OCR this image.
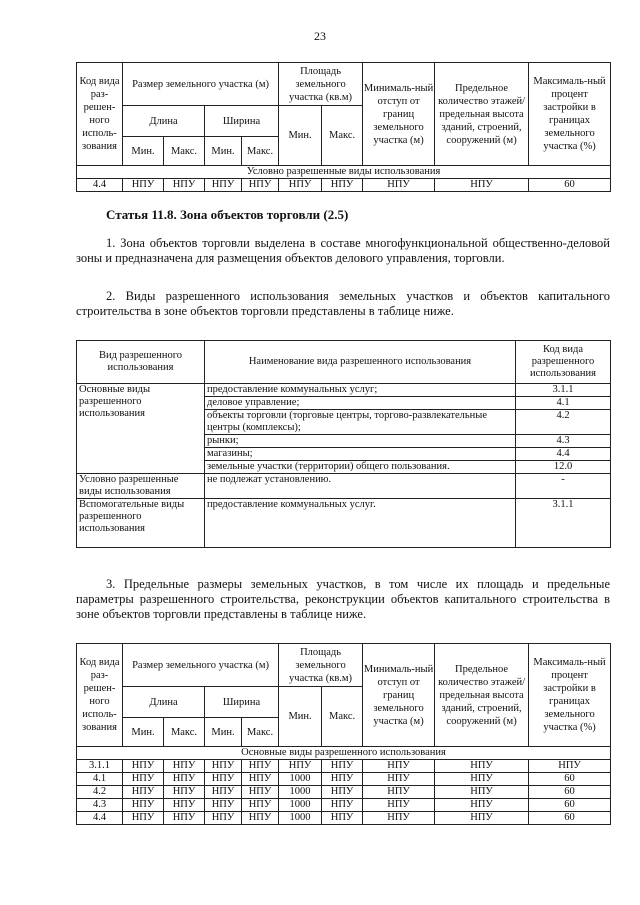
23
Код вида раз-решен-ного исполь-зования	Размер земельного участка (м)				Площадь земельного участка (кв.м)		Минималь-ный отступ от границ земельного участка (м)	Предельное количество этажей/ предельная высота зданий, строений, сооружений (м)	Максималь-ный процент застройки в границах земельного участка (%)
	Длина		Ширина		Мин.	Макс.			
	Мин.	Макс.	Мин.	Макс.					
Условно разрешенные виды использования									
4.4	НПУ	НПУ	НПУ	НПУ	НПУ	НПУ	НПУ	НПУ	60
Статья 11.8. Зона объектов торговли (2.5)
1. Зона объектов торговли выделена в составе многофункциональной общественно-деловой зоны и предназначена для размещения объектов делового управления, торговли.
2. Виды разрешенного использования земельных участков и объектов капитального строительства в зоне объектов торговли представлены в таблице ниже.
Вид разрешенного использования	Наименование вида разрешенного использования	Код вида разрешенного использования
Основные виды разрешенного использования	предоставление коммунальных услуг;	3.1.1
	деловое управление;	4.1
	объекты торговли (торговые центры, торгово-развлекательные центры (комплексы);	4.2
	рынки;	4.3
	магазины;	4.4
	земельные участки (территории) общего пользования.	12.0
Условно разрешенные виды использования	не подлежат установлению.	-
Вспомогательные виды разрешенного использования	предоставление коммунальных услуг.	3.1.1
3. Предельные размеры земельных участков, в том числе их площадь и предельные параметры разрешенного строительства, реконструкции объектов капитального строительства в зоне объектов торговли представлены в таблице ниже.
Код вида раз-решен-ного исполь-зования	Размер земельного участка (м)				Площадь земельного участка (кв.м)		Минималь-ный отступ от границ земельного участка (м)	Предельное количество этажей/ предельная высота зданий, строений, сооружений (м)	Максималь-ный процент застройки в границах земельного участка (%)
	Длина		Ширина		Мин.	Макс.			
	Мин.	Макс.	Мин.	Макс.					
Основные виды разрешенного использования									
3.1.1	НПУ	НПУ	НПУ	НПУ	НПУ	НПУ	НПУ	НПУ	НПУ
4.1	НПУ	НПУ	НПУ	НПУ	1000	НПУ	НПУ	НПУ	60
4.2	НПУ	НПУ	НПУ	НПУ	1000	НПУ	НПУ	НПУ	60
4.3	НПУ	НПУ	НПУ	НПУ	1000	НПУ	НПУ	НПУ	60
4.4	НПУ	НПУ	НПУ	НПУ	1000	НПУ	НПУ	НПУ	60
